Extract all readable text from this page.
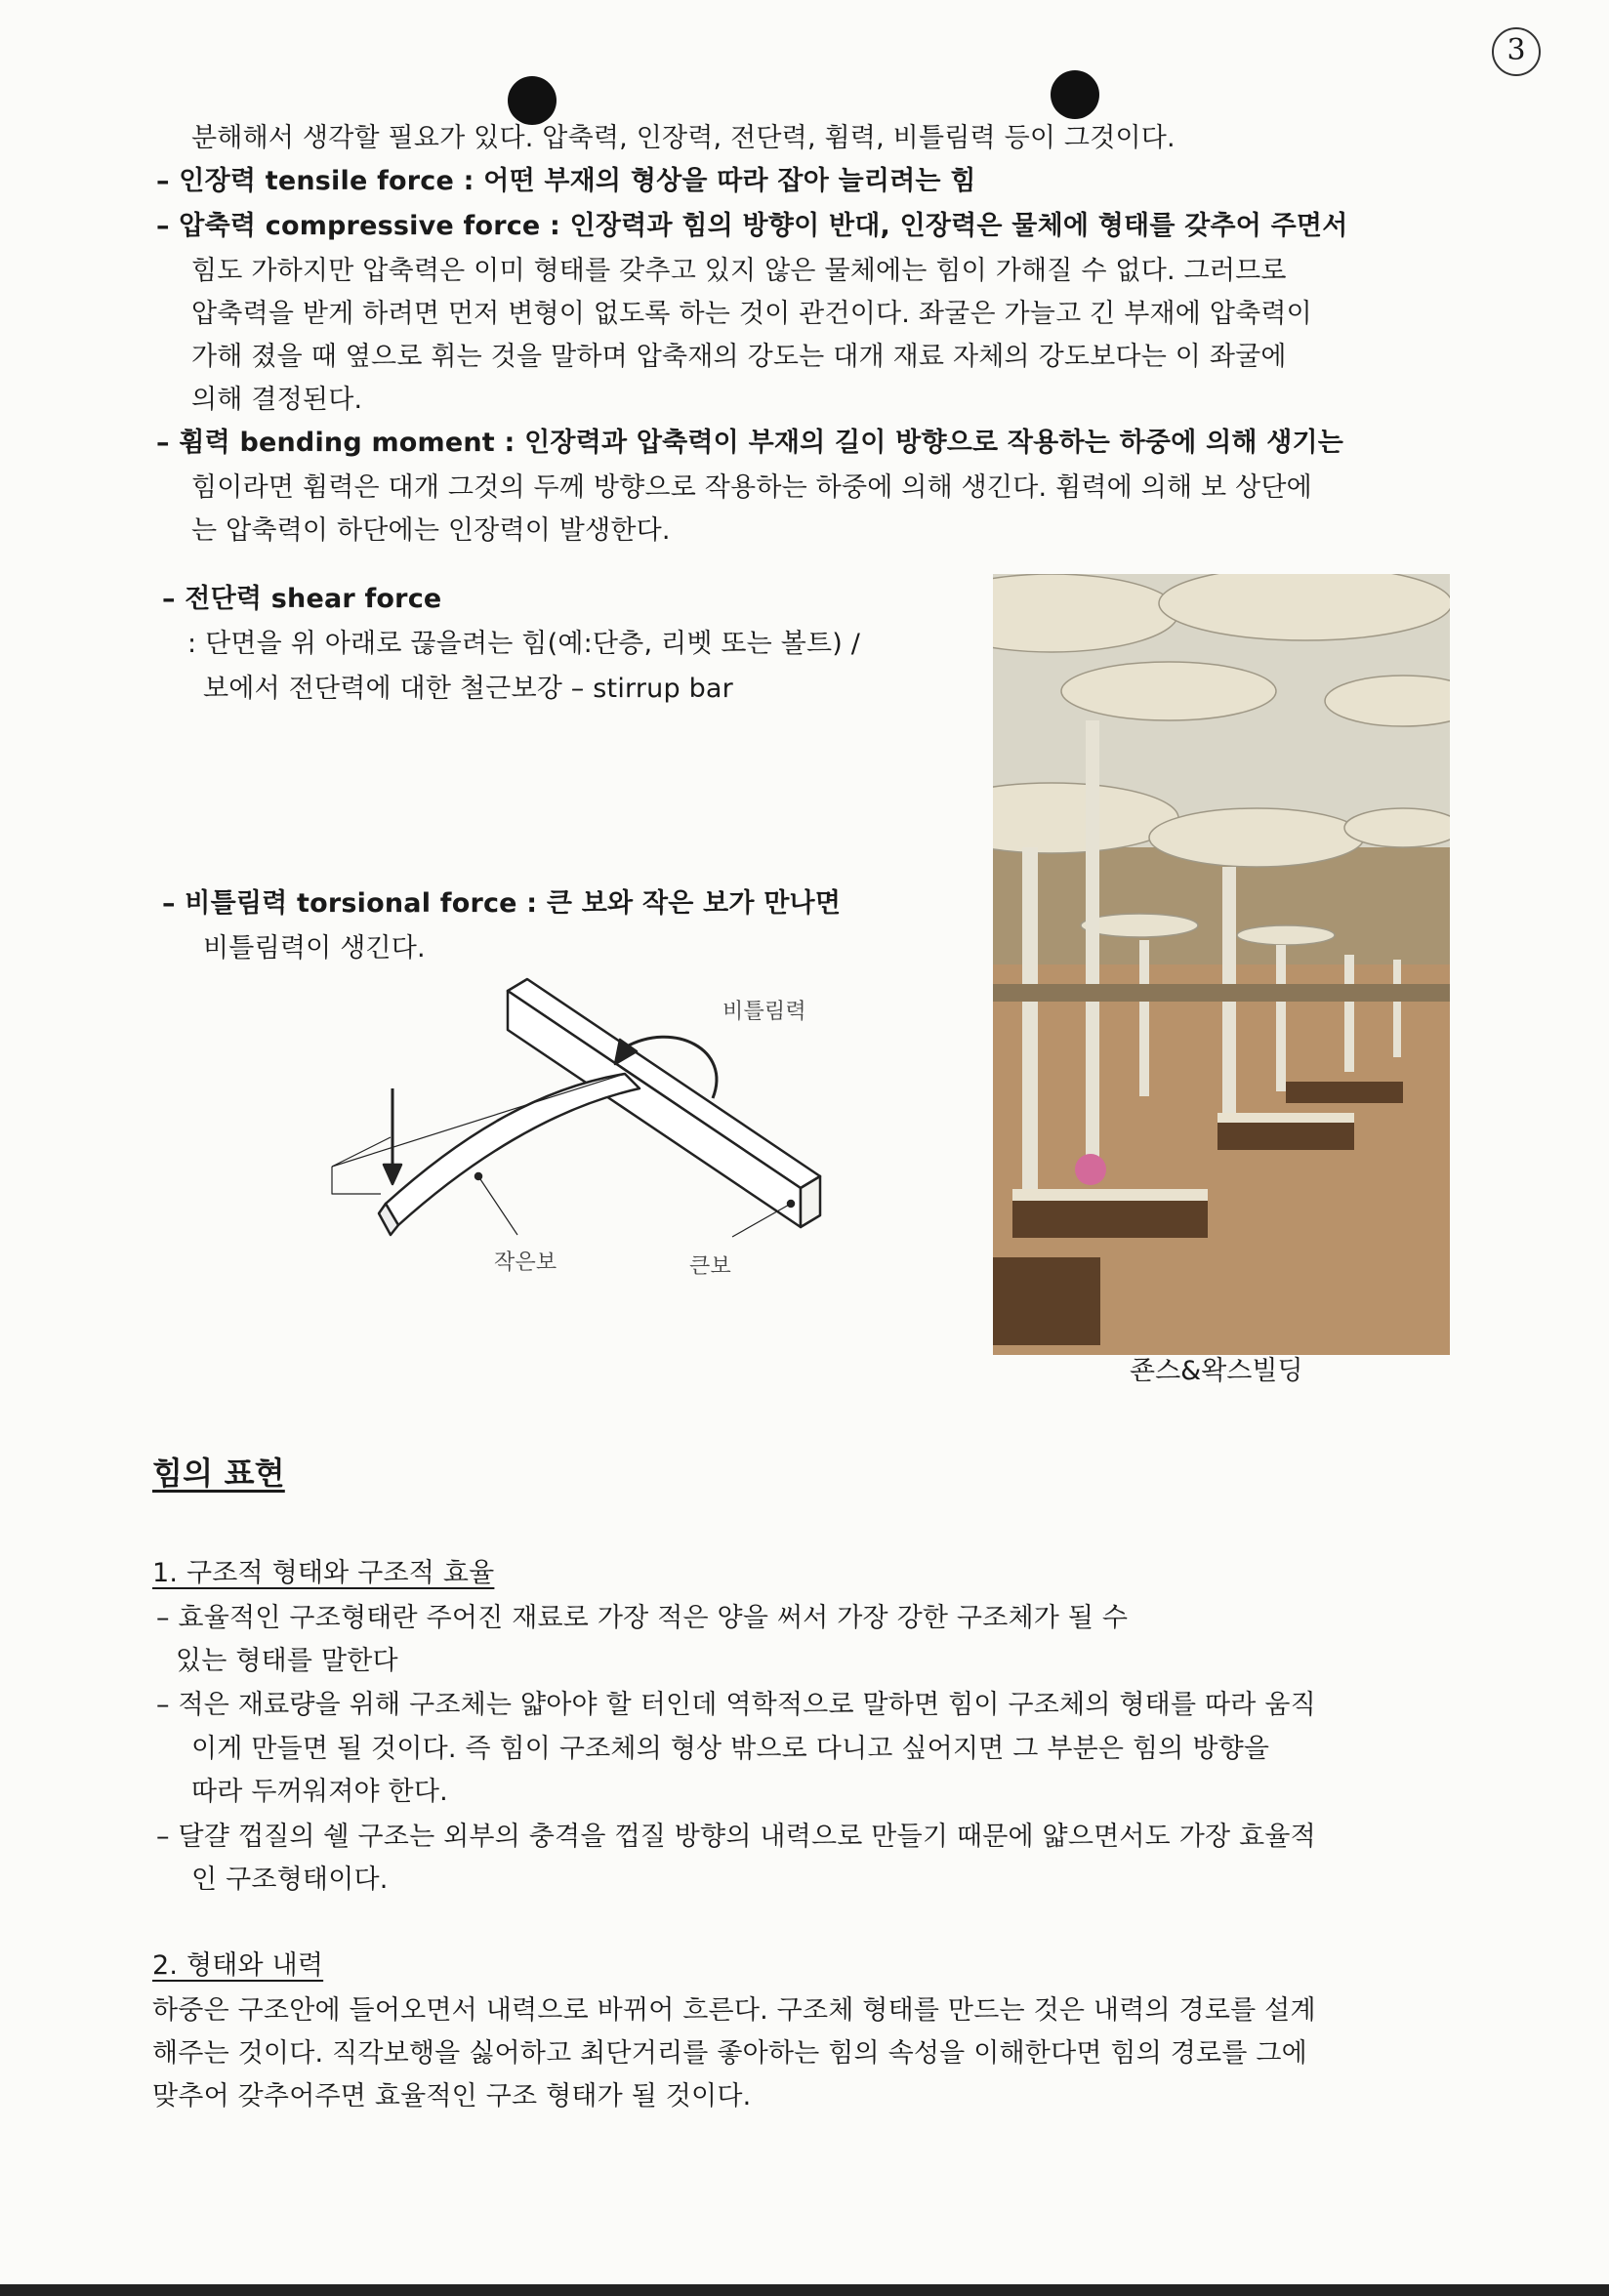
3
분해해서 생각할 필요가 있다. 압축력, 인장력, 전단력, 휨력, 비틀림력 등이 그것이다.
– 인장력 tensile force : 어떤 부재의 형상을 따라 잡아 늘리려는 힘
– 압축력 compressive force : 인장력과 힘의 방향이 반대, 인장력은 물체에 형태를 갖추어 주면서
힘도 가하지만 압축력은 이미 형태를 갖추고 있지 않은 물체에는 힘이 가해질 수 없다. 그러므로
압축력을 받게 하려면 먼저 변형이 없도록 하는 것이 관건이다. 좌굴은 가늘고 긴 부재에 압축력이
가해 졌을 때 옆으로 휘는 것을 말하며 압축재의 강도는 대개 재료 자체의 강도보다는 이 좌굴에
의해 결정된다.
– 휨력 bending moment : 인장력과 압축력이 부재의 길이 방향으로 작용하는 하중에 의해 생기는
힘이라면 휨력은 대개 그것의 두께 방향으로 작용하는 하중에 의해 생긴다. 휨력에 의해 보 상단에
는 압축력이 하단에는 인장력이 발생한다.
– 전단력 shear force
: 단면을 위 아래로 끊을려는 힘(예:단층, 리벳 또는 볼트) /
보에서 전단력에 대한 철근보강 – stirrup bar
– 비틀림력 torsional force : 큰 보와 작은 보가 만나면
비틀림력이 생긴다.
비틀림력
작은보	큰보
죤스&왁스빌딩
힘의 표현
1. 구조적 형태와 구조적 효율
– 효율적인 구조형태란 주어진 재료로 가장 적은 양을 써서 가장 강한 구조체가 될 수
있는 형태를 말한다
– 적은 재료량을 위해 구조체는 얇아야 할 터인데 역학적으로 말하면 힘이 구조체의 형태를 따라 움직
이게 만들면 될 것이다. 즉 힘이 구조체의 형상 밖으로 다니고 싶어지면 그 부분은 힘의 방향을
따라 두꺼워져야 한다.
– 달걀 껍질의 쉘 구조는 외부의 충격을 껍질 방향의 내력으로 만들기 때문에 얇으면서도 가장 효율적
인 구조형태이다.
2. 형태와 내력
하중은 구조안에 들어오면서 내력으로 바뀌어 흐른다. 구조체 형태를 만드는 것은 내력의 경로를 설계
해주는 것이다. 직각보행을 싫어하고 최단거리를 좋아하는 힘의 속성을 이해한다면 힘의 경로를 그에
맞추어 갖추어주면 효율적인 구조 형태가 될 것이다.
